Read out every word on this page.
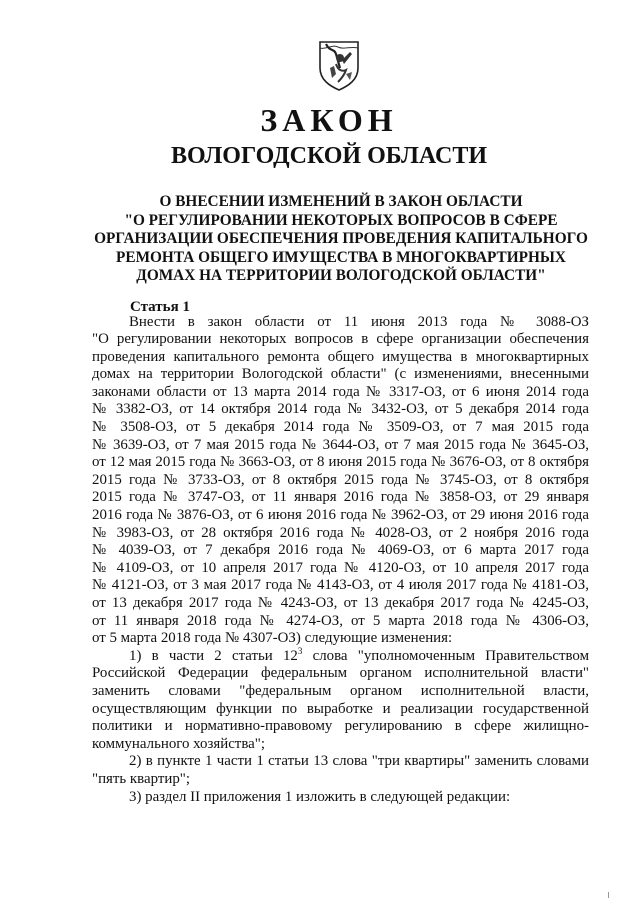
ЗАКОН
ВОЛОГОДСКОЙ ОБЛАСТИ
О ВНЕСЕНИИ ИЗМЕНЕНИЙ В ЗАКОН ОБЛАСТИ
"О РЕГУЛИРОВАНИИ НЕКОТОРЫХ ВОПРОСОВ В СФЕРЕ
ОРГАНИЗАЦИИ ОБЕСПЕЧЕНИЯ ПРОВЕДЕНИЯ КАПИТАЛЬНОГО
РЕМОНТА ОБЩЕГО ИМУЩЕСТВА В МНОГОКВАРТИРНЫХ
ДОМАХ НА ТЕРРИТОРИИ ВОЛОГОДСКОЙ ОБЛАСТИ"
Статья 1
Внести в закон области от 11 июня 2013 года № 3088-ОЗ
"О регулировании некоторых вопросов в сфере организации обеспечения
проведения капитального ремонта общего имущества в многоквартирных
домах на территории Вологодской области" (с изменениями, внесенными
законами области от 13 марта 2014 года № 3317-ОЗ, от 6 июня 2014 года
№ 3382-ОЗ, от 14 октября 2014 года № 3432-ОЗ, от 5 декабря 2014 года
№ 3508-ОЗ, от 5 декабря 2014 года № 3509-ОЗ, от 7 мая 2015 года
№ 3639-ОЗ, от 7 мая 2015 года № 3644-ОЗ, от 7 мая 2015 года № 3645-ОЗ,
от 12 мая 2015 года № 3663-ОЗ, от 8 июня 2015 года № 3676-ОЗ, от 8 октября
2015 года № 3733-ОЗ, от 8 октября 2015 года № 3745-ОЗ, от 8 октября
2015 года № 3747-ОЗ, от 11 января 2016 года № 3858-ОЗ, от 29 января
2016 года № 3876-ОЗ, от 6 июня 2016 года № 3962-ОЗ, от 29 июня 2016 года
№ 3983-ОЗ, от 28 октября 2016 года № 4028-ОЗ, от 2 ноября 2016 года
№ 4039-ОЗ, от 7 декабря 2016 года № 4069-ОЗ, от 6 марта 2017 года
№ 4109-ОЗ, от 10 апреля 2017 года № 4120-ОЗ, от 10 апреля 2017 года
№ 4121-ОЗ, от 3 мая 2017 года № 4143-ОЗ, от 4 июля 2017 года № 4181-ОЗ,
от 13 декабря 2017 года № 4243-ОЗ, от 13 декабря 2017 года № 4245-ОЗ,
от 11 января 2018 года № 4274-ОЗ, от 5 марта 2018 года № 4306-ОЗ,
от 5 марта 2018 года № 4307-ОЗ) следующие изменения:
1) в части 2 статьи $12^3$ слова "уполномоченным Правительством
Российской Федерации федеральным органом исполнительной власти"
заменить словами "федеральным органом исполнительной власти,
осуществляющим функции по выработке и реализации государственной
политики и нормативно-правовому регулированию в сфере жилищно-
коммунального хозяйства";
2) в пункте 1 части 1 статьи 13 слова "три квартиры" заменить словами
"пять квартир";
3) раздел II приложения 1 изложить в следующей редакции:
